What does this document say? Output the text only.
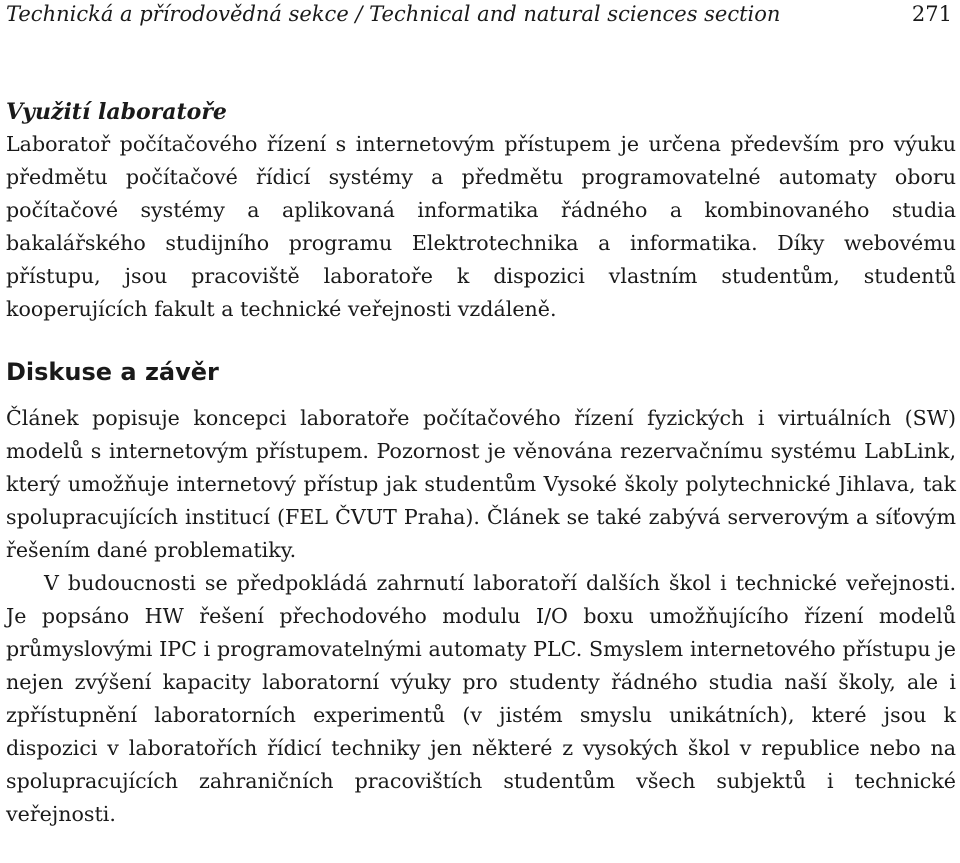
Technická a přírodovědná sekce / Technical and natural sciences section	271
Využití laboratoře

Laboratoř počítačového řízení s internetovým přístupem je určena především pro výuku předmětu počítačové řídicí systémy a předmětu programovatelné automaty oboru počítačové systémy a aplikovaná informatika řádného a kombinovaného studia bakalářského studijního programu Elektrotechnika a informatika. Díky webovému přístupu, jsou pracoviště laboratoře k dispozici vlastním studentům, studentů kooperujících fakult a technické veřejnosti vzdáleně.

Diskuse a závěr

Článek popisuje koncepci laboratoře počítačového řízení fyzických i virtuálních (SW) modelů s internetovým přístupem. Pozornost je věnována rezervačnímu systému LabLink, který umožňuje internetový přístup jak studentům Vysoké školy polytechnické Jihlava, tak spolupracujících institucí (FEL ČVUT Praha). Článek se také zabývá serverovým a síťovým řešením dané problematiky.

V budoucnosti se předpokládá zahrnutí laboratoří dalších škol i technické veřejnosti. Je popsáno HW řešení přechodového modulu I/O boxu umožňujícího řízení modelů průmyslovými IPC i programovatelnými automaty PLC. Smyslem internetového přístupu je nejen zvýšení kapacity laboratorní výuky pro studenty řádného studia naší školy, ale i zpřístupnění laboratorních experimentů (v jistém smyslu unikátních), které jsou k dispozici v laboratořích řídicí techniky jen některé z vysokých škol v republice nebo na spolupracujících zahraničních pracovištích studentům všech subjektů i technické veřejnosti.
